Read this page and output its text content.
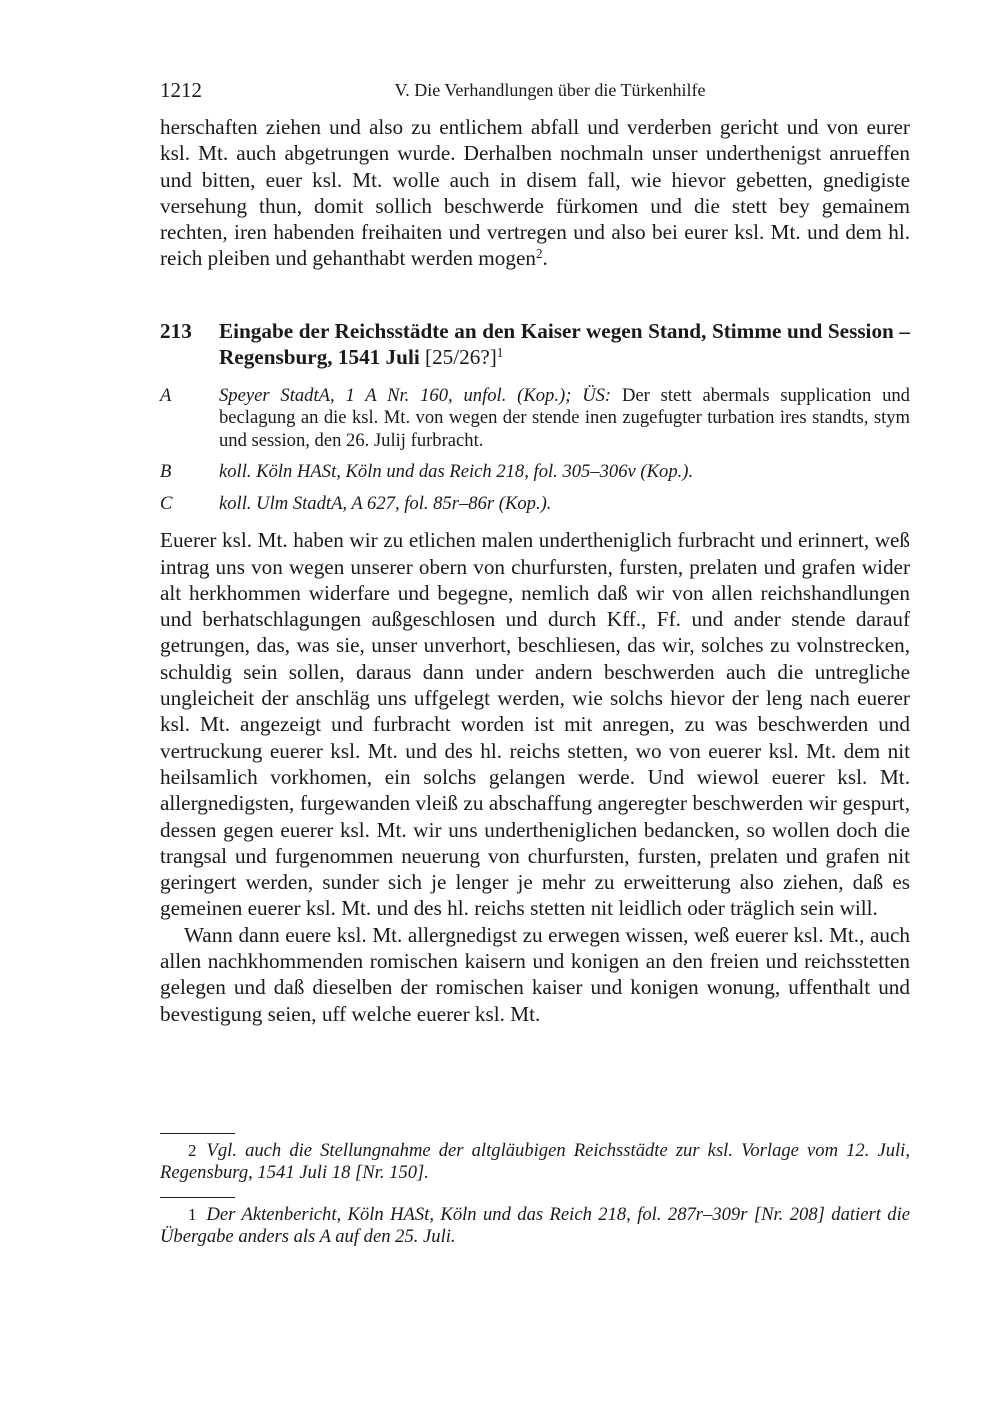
1212	V. Die Verhandlungen über die Türkenhilfe

herschaften ziehen und also zu entlichem abfall und verderben gericht und von eurer ksl. Mt. auch abgetrungen wurde. Derhalben nochmaln unser underthenigst anrueffen und bitten, euer ksl. Mt. wolle auch in disem fall, wie hievor gebetten, gnedigiste versehung thun, domit sollich beschwerde fürkomen und die stett bey gemainem rechten, iren habenden freihaiten und vertregen und also bei eurer ksl. Mt. und dem hl. reich pleiben und gehanthabt werden mogen$^2$.

213	Eingabe der Reichsstädte an den Kaiser wegen Stand, Stimme und Session – Regensburg, 1541 Juli [25/26?]$^1$
A	Speyer StadtA, 1 A Nr. 160, unfol. (Kop.); ÜS: Der stett abermals supplication und beclagung an die ksl. Mt. von wegen der stende inen zugefugter turbation ires standts, stym und session, den 26. Julij furbracht.
B	koll. Köln HASt, Köln und das Reich 218, fol. 305–306v (Kop.).
C	koll. Ulm StadtA, A 627, fol. 85r–86r (Kop.).

Euerer ksl. Mt. haben wir zu etlichen malen undertheniglich furbracht und erinnert, weß intrag uns von wegen unserer obern von churfursten, fursten, prelaten und grafen wider alt herkhommen widerfare und begegne, nemlich daß wir von allen reichshandlungen und berhatschlagungen außgeschlosen und durch Kff., Ff. und ander stende darauf getrungen, das, was sie, unser unverhort, beschliesen, das wir, solches zu volnstrecken, schuldig sein sollen, daraus dann under andern beschwerden auch die untregliche ungleicheit der anschläg uns uffgelegt werden, wie solchs hievor der leng nach euerer ksl. Mt. angezeigt und furbracht worden ist mit anregen, zu was beschwerden und vertruckung euerer ksl. Mt. und des hl. reichs stetten, wo von euerer ksl. Mt. dem nit heilsamlich vorkhomen, ein solchs gelangen werde. Und wiewol euerer ksl. Mt. allergnedigsten, furgewanden vleiß zu abschaffung angeregter beschwerden wir gespurt, dessen gegen euerer ksl. Mt. wir uns undertheniglichen bedancken, so wollen doch die trangsal und furgenommen neuerung von churfursten, fursten, prelaten und grafen nit geringert werden, sunder sich je lenger je mehr zu erweitterung also ziehen, daß es gemeinen euerer ksl. Mt. und des hl. reichs stetten nit leidlich oder träglich sein will.

Wann dann euere ksl. Mt. allergnedigst zu erwegen wissen, weß euerer ksl. Mt., auch allen nachkhommenden romischen kaisern und konigen an den freien und reichsstetten gelegen und daß dieselben der romischen kaiser und konigen wonung, uffenthalt und bevestigung seien, uff welche euerer ksl. Mt.

2 Vgl. auch die Stellungnahme der altgläubigen Reichsstädte zur ksl. Vorlage vom 12. Juli, Regensburg, 1541 Juli 18 [Nr. 150].

1 Der Aktenbericht, Köln HASt, Köln und das Reich 218, fol. 287r–309r [Nr. 208] datiert die Übergabe anders als A auf den 25. Juli.
